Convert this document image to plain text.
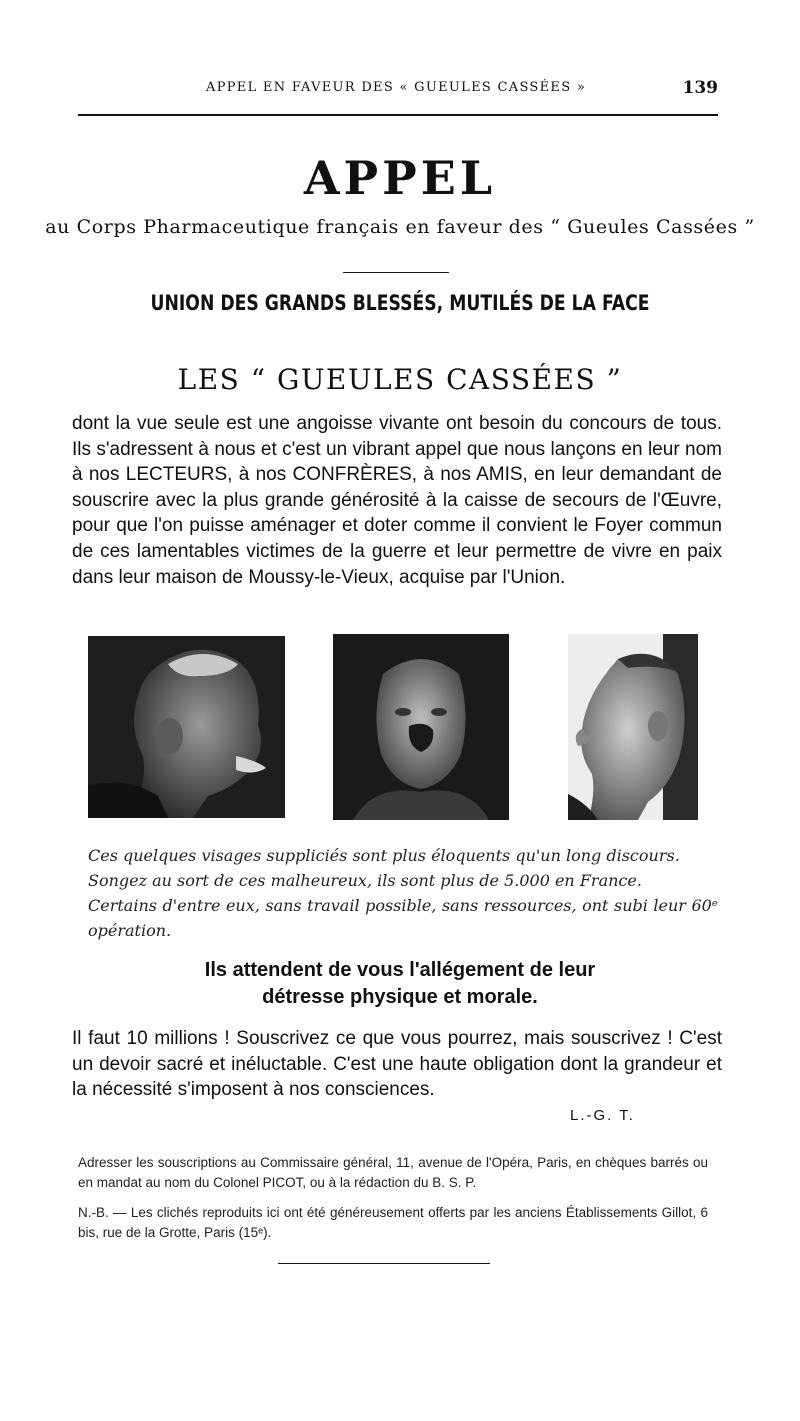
APPEL EN FAVEUR DES « GUEULES CASSÉES »	139
APPEL
au Corps Pharmaceutique français en faveur des “ Gueules Cassées ”
UNION DES GRANDS BLESSÉS, MUTILÉS DE LA FACE
LES “ GUEULES CASSÉES ”

dont la vue seule est une angoisse vivante ont besoin du concours de tous. Ils s'adressent à nous et c'est un vibrant appel que nous lançons en leur nom à nos LECTEURS, à nos CONFRÈRES, à nos AMIS, en leur demandant de souscrire avec la plus grande générosité à la caisse de secours de l'Œuvre, pour que l'on puisse aménager et doter comme il convient le Foyer commun de ces lamentables victimes de la guerre et leur permettre de vivre en paix dans leur maison de Moussy-le-Vieux, acquise par l'Union.

Ces quelques visages suppliciés sont plus éloquents qu'un long discours.
Songez au sort de ces malheureux, ils sont plus de 5.000 en France.
Certains d'entre eux, sans travail possible, sans ressources, ont subi leur 60ᵉ opération.
Ils attendent de vous l'allégement de leur
détresse physique et morale.

Il faut 10 millions ! Souscrivez ce que vous pourrez, mais souscrivez ! C'est un devoir sacré et inéluctable. C'est une haute obligation dont la grandeur et la nécessité s'imposent à nos consciences.

L.-G. T.

Adresser les souscriptions au Commissaire général, 11, avenue de l'Opéra, Paris, en chèques barrés ou en mandat au nom du Colonel PICOT, ou à la rédaction du B. S. P.

N.-B. — Les clichés reproduits ici ont été généreusement offerts par les anciens Établissements Gillot, 6 bis, rue de la Grotte, Paris (15ᵉ).
